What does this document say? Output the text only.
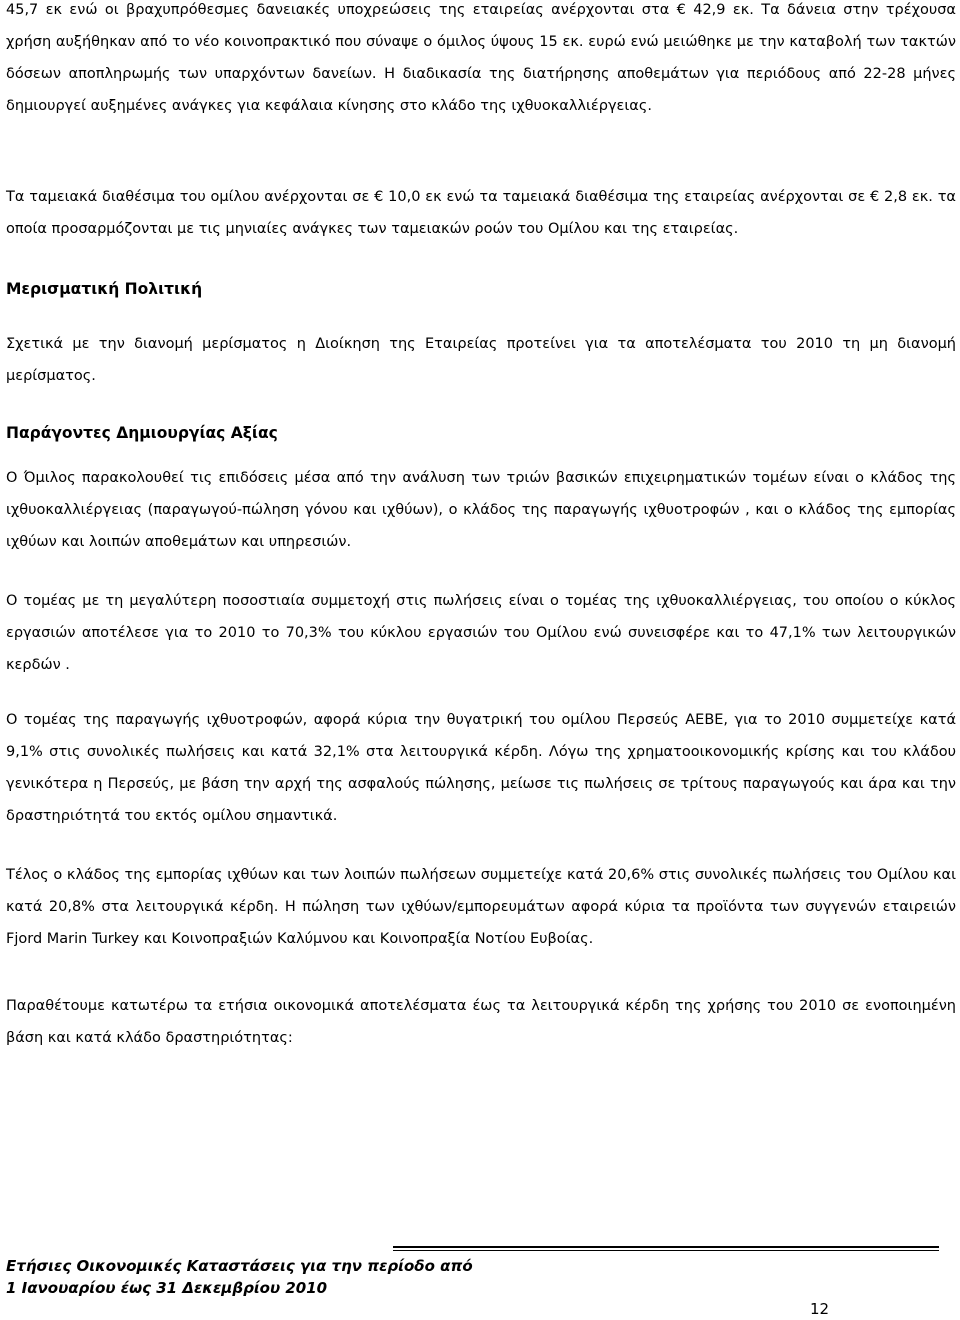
45,7 εκ ενώ οι βραχυπρόθεσμες δανειακές υποχρεώσεις της εταιρείας ανέρχονται στα € 42,9 εκ. Τα δάνεια στην τρέχουσα χρήση αυξήθηκαν από το νέο κοινοπρακτικό που σύναψε ο όμιλος ύψους 15 εκ. ευρώ ενώ μειώθηκε με την καταβολή των τακτών δόσεων αποπληρωμής των υπαρχόντων δανείων. Η διαδικασία της διατήρησης αποθεμάτων για περιόδους από 22-28 μήνες δημιουργεί αυξημένες ανάγκες για κεφάλαια κίνησης στο κλάδο της ιχθυοκαλλιέργειας.

Τα ταμειακά διαθέσιμα του ομίλου ανέρχονται σε € 10,0 εκ ενώ τα ταμειακά διαθέσιμα της εταιρείας ανέρχονται σε € 2,8 εκ. τα οποία προσαρμόζονται με τις μηνιαίες ανάγκες των ταμειακών ροών του Ομίλου και της εταιρείας.

Μερισματική Πολιτική

Σχετικά με την διανομή μερίσματος η Διοίκηση της Εταιρείας προτείνει για τα αποτελέσματα του 2010 τη μη διανομή μερίσματος.

Παράγοντες Δημιουργίας Αξίας

Ο Όμιλος παρακολουθεί τις επιδόσεις μέσα από την ανάλυση των τριών βασικών επιχειρηματικών τομέων είναι ο κλάδος της ιχθυοκαλλιέργειας (παραγωγού-πώληση γόνου και ιχθύων), ο κλάδος της παραγωγής ιχθυοτροφών , και ο κλάδος της εμπορίας ιχθύων και λοιπών αποθεμάτων και υπηρεσιών.

Ο τομέας με τη μεγαλύτερη ποσοστιαία συμμετοχή στις πωλήσεις είναι ο τομέας της ιχθυοκαλλιέργειας, του οποίου ο κύκλος εργασιών αποτέλεσε για το 2010 το 70,3% του κύκλου εργασιών του Ομίλου ενώ συνεισφέρε και το 47,1% των λειτουργικών κερδών .

Ο τομέας της παραγωγής ιχθυοτροφών, αφορά κύρια την θυγατρική του ομίλου Περσεύς ΑΕΒΕ, για το 2010 συμμετείχε κατά 9,1% στις συνολικές πωλήσεις και κατά 32,1% στα λειτουργικά κέρδη. Λόγω της χρηματοοικονομικής κρίσης και του κλάδου γενικότερα η Περσεύς, με βάση την αρχή της ασφαλούς πώλησης, μείωσε τις πωλήσεις σε τρίτους παραγωγούς και άρα και την δραστηριότητά του εκτός ομίλου σημαντικά.

Τέλος ο κλάδος της εμπορίας ιχθύων και των λοιπών πωλήσεων συμμετείχε κατά 20,6% στις συνολικές πωλήσεις του Ομίλου και κατά 20,8% στα λειτουργικά κέρδη. Η πώληση των ιχθύων/εμπορευμάτων αφορά κύρια τα προϊόντα των συγγενών εταιρειών Fjord Marin Turkey και Κοινοπραξιών Καλύμνου και Κοινοπραξία Νοτίου Ευβοίας.

Παραθέτουμε κατωτέρω τα ετήσια οικονομικά αποτελέσματα έως τα λειτουργικά κέρδη της χρήσης του 2010 σε ενοποιημένη βάση και κατά κλάδο δραστηριότητας:

Ετήσιες Οικονομικές Καταστάσεις για την περίοδο από

1 Ιανουαρίου έως 31 Δεκεμβρίου 2010

12
